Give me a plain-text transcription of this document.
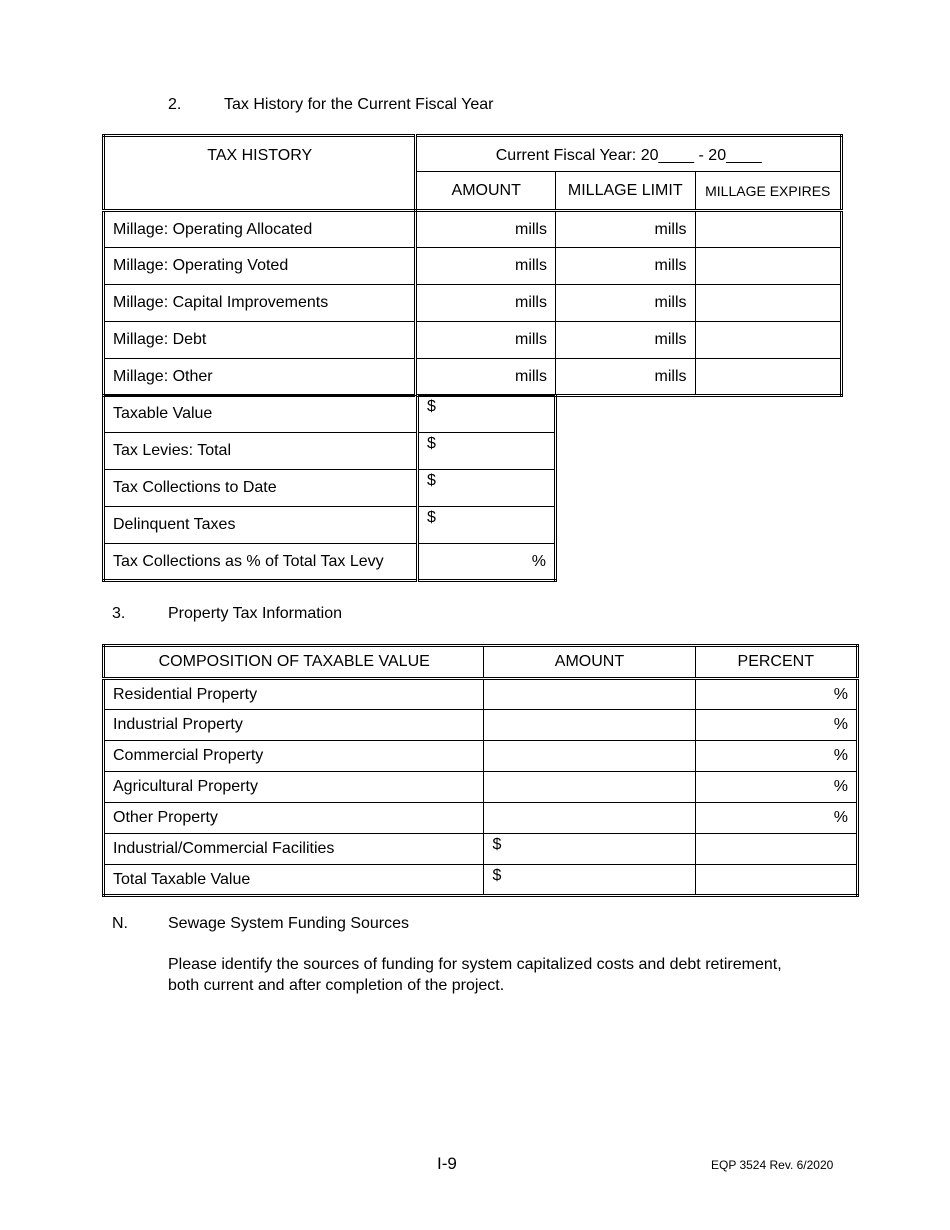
2.	Tax History for the Current Fiscal Year
TAX HISTORY	Current Fiscal Year: 20____ - 20____		
	AMOUNT	MILLAGE LIMIT	MILLAGE EXPIRES
Millage: Operating Allocated	mills	mills	
Millage: Operating Voted	mills	mills	
Millage: Capital Improvements	mills	mills	
Millage: Debt	mills	mills	
Millage: Other	mills	mills	
Taxable Value	$
Tax Levies: Total	$
Tax Collections to Date	$
Delinquent Taxes	$
Tax Collections as % of Total Tax Levy	%
3.	Property Tax Information
COMPOSITION OF TAXABLE VALUE	AMOUNT	PERCENT
Residential Property		%
Industrial Property		%
Commercial Property		%
Agricultural Property		%
Other Property		%
Industrial/Commercial Facilities	$	
Total Taxable Value	$	
N.	Sewage System Funding Sources
Please identify the sources of funding for system capitalized costs and debt retirement,
both current and after completion of the project.
I-9	EQP 3524 Rev. 6/2020
